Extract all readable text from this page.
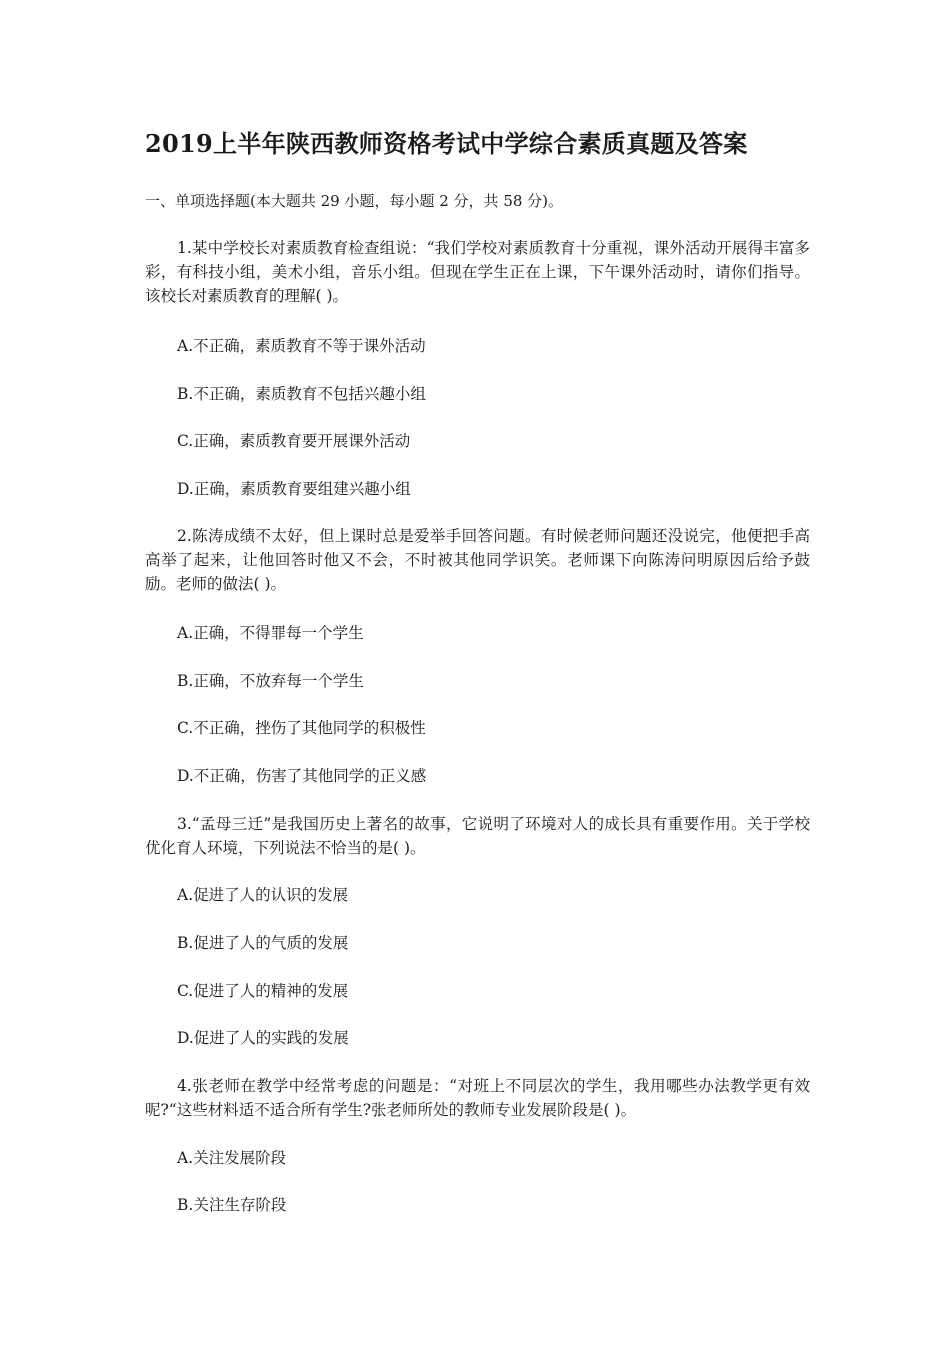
2019上半年陕西教师资格考试中学综合素质真题及答案
一、单项选择题(本大题共 29 小题，每小题 2 分，共 58 分)。
1.某中学校长对素质教育检查组说：“我们学校对素质教育十分重视，课外活动开展得丰富多彩，有科技小组，美术小组，音乐小组。但现在学生正在上课，下午课外活动时，请你们指导。该校长对素质教育的理解( )。
A.不正确，素质教育不等于课外活动
B.不正确，素质教育不包括兴趣小组
C.正确，素质教育要开展课外活动
D.正确，素质教育要组建兴趣小组
2.陈涛成绩不太好，但上课时总是爱举手回答问题。有时候老师问题还没说完，他便把手高高举了起来，让他回答时他又不会，不时被其他同学识笑。老师课下向陈涛问明原因后给予鼓励。老师的做法( )。
A.正确，不得罪每一个学生
B.正确，不放弃每一个学生
C.不正确，挫伤了其他同学的积极性
D.不正确，伤害了其他同学的正义感
3.“孟母三迁”是我国历史上著名的故事，它说明了环境对人的成长具有重要作用。关于学校优化育人环境，下列说法不恰当的是( )。
A.促进了人的认识的发展
B.促进了人的气质的发展
C.促进了人的精神的发展
D.促进了人的实践的发展
4.张老师在教学中经常考虑的问题是：“对班上不同层次的学生，我用哪些办法教学更有效呢?“这些材料适不适合所有学生?张老师所处的教师专业发展阶段是( )。
A.关注发展阶段
B.关注生存阶段
